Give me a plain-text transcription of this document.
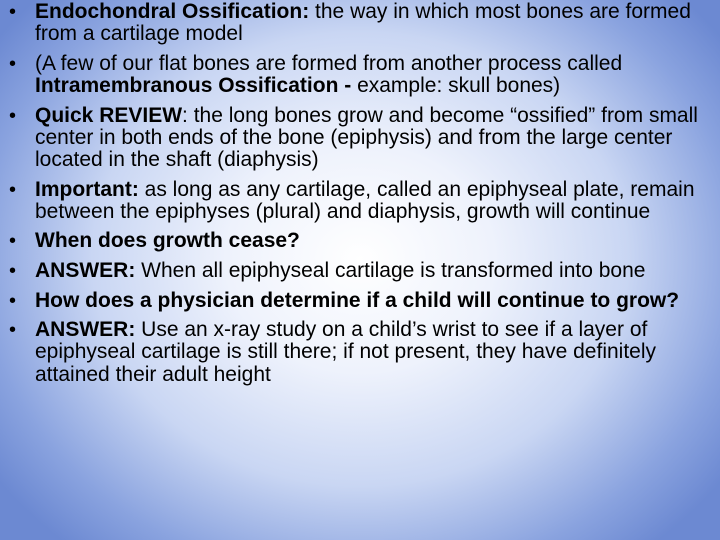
• Endochondral Ossification: the way in which most bones are formed from a cartilage model
• (A few of our flat bones are formed from another process called Intramembranous Ossification - example: skull bones)
• Quick REVIEW: the long bones grow and become “ossified” from small center in both ends of the bone (epiphysis) and from the large center located in the shaft (diaphysis)
• Important: as long as any cartilage, called an epiphyseal plate, remain between the epiphyses (plural) and diaphysis, growth will continue
• When does growth cease?
• ANSWER: When all epiphyseal cartilage is transformed into bone
• How does a physician determine if a child will continue to grow?
• ANSWER: Use an x-ray study on a child’s wrist to see if a layer of epiphyseal cartilage is still there; if not present, they have definitely attained their adult height
